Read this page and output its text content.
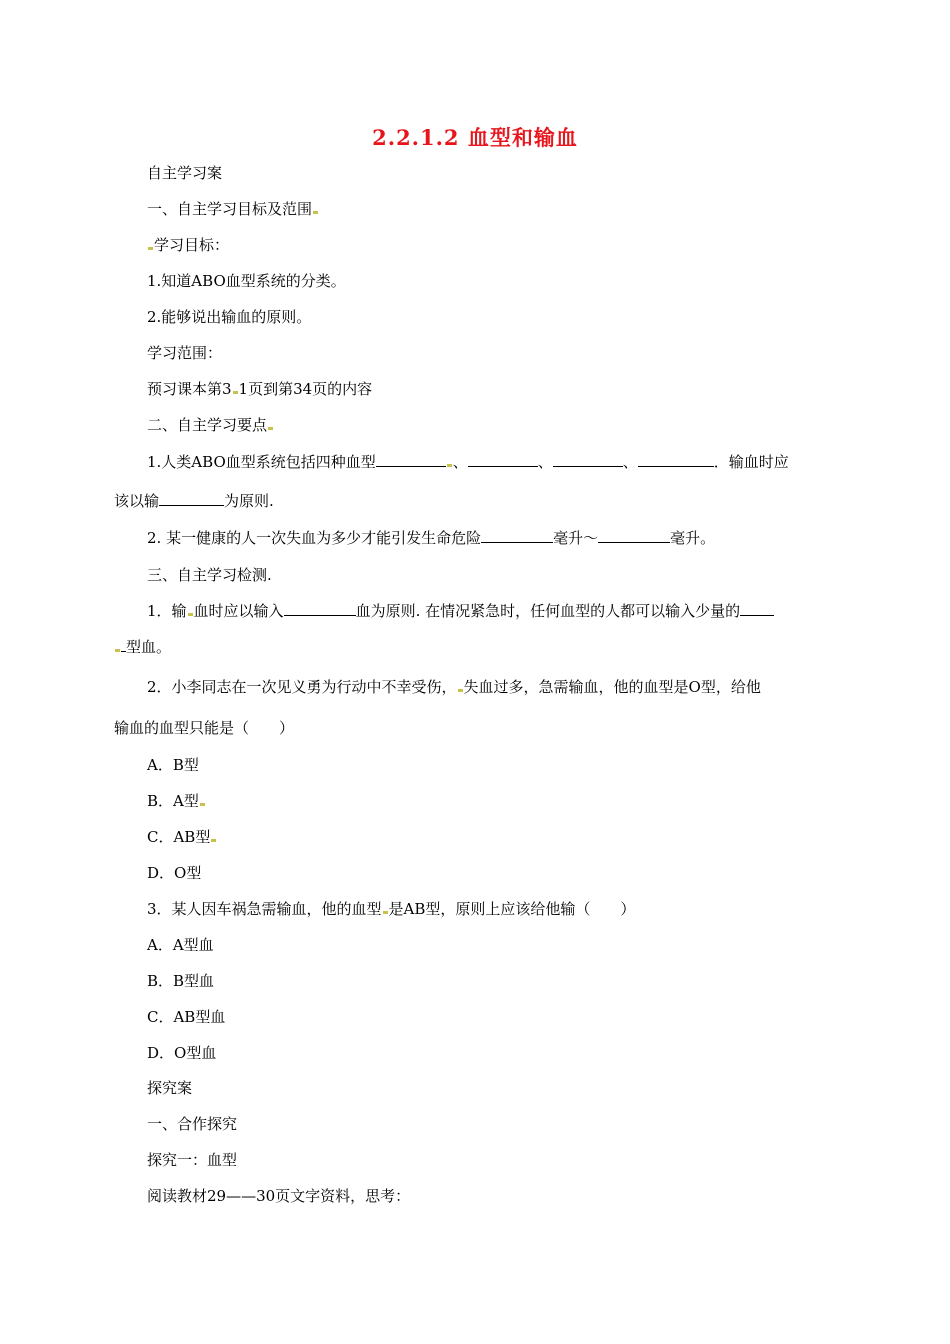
2.2.1.2 血型和输血
自主学习案
一、自主学习目标及范围
学习目标：
1.知道ABO血型系统的分类。
2.能够说出输血的原则。
学习范围：
预习课本第3 1页到第34页的内容
二、自主学习要点
1.人类ABO血型系统包括四种血型	、	、	、	．输血时应
该以输	为原则.
2. 某一健康的人一次失血为多少才能引发生命危险	毫升～	毫升。
三、自主学习检测.
1．输 血时应以输入	血为原则. 在情况紧急时，任何血型的人都可以输入少量的
型血。
2．小李同志在一次见义勇为行动中不幸受伤， 失血过多，急需输血，他的血型是O型，给他
输血的血型只能是（　　）
A．B型
B．A型
C．AB型
D．O型
3．某人因车祸急需输血，他的血型 是AB型，原则上应该给他输（　　）
A．A型血
B．B型血
C．AB型血
D．O型血
探究案
一、合作探究
探究一：血型
阅读教材29——30页文字资料，思考：
